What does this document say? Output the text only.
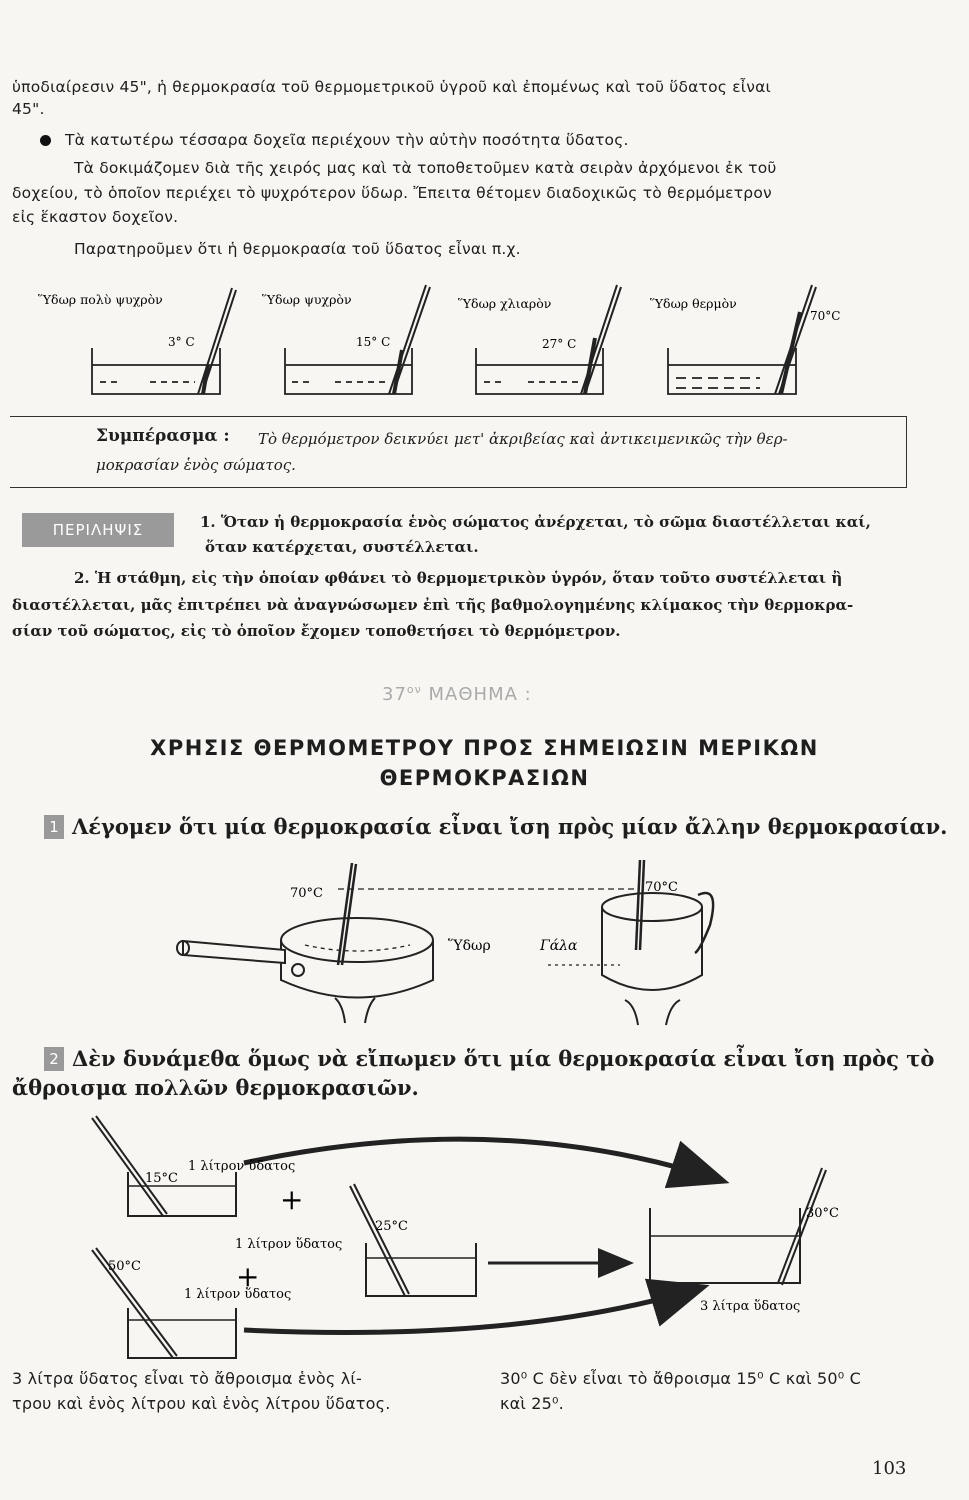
ὑποδιαίρεσιν 45", ἡ θερμοκρασία τοῦ θερμομετρικοῦ ὑγροῦ καὶ ἐπομένως καὶ τοῦ ὕδατος εἶναι
45".
Τὰ κατωτέρω τέσσαρα δοχεῖα περιέχουν τὴν αὐτὴν ποσότητα ὕδατος.
Τὰ δοκιμάζομεν διὰ τῆς χειρός μας καὶ τὰ τοποθετοῦμεν κατὰ σειρὰν ἀρχόμενοι ἐκ τοῦ
δοχείου, τὸ ὁποῖον περιέχει τὸ ψυχρότερον ὕδωρ. Ἔπειτα θέτομεν διαδοχικῶς τὸ θερμόμετρον
εἰς ἕκαστον δοχεῖον.
Παρατηροῦμεν ὅτι ἡ θερμοκρασία τοῦ ὕδατος εἶναι π.χ.
Ὕδωρ πολὺ ψυχρὸν
3° C
Ὕδωρ ψυχρὸν
15° C
Ὕδωρ χλιαρὸν
27° C
Ὕδωρ θερμὸν
70°C
Συμπέρασμα : Τὸ θερμόμετρον δεικνύει μετ' ἀκριβείας καὶ ἀντικειμενικῶς τὴν θερ-
μοκρασίαν ἑνὸς σώματος.
ΠΕΡΙΛΗΨΙΣ	1. Ὅταν ἡ θερμοκρασία ἑνὸς σώματος ἀνέρχεται, τὸ σῶμα διαστέλλεται καί,
ὅταν κατέρχεται, συστέλλεται.
2. Ἡ στάθμη, εἰς τὴν ὁποίαν φθάνει τὸ θερμομετρικὸν ὑγρόν, ὅταν τοῦτο συστέλλεται ἢ
διαστέλλεται, μᾶς ἐπιτρέπει νὰ ἀναγνώσωμεν ἐπὶ τῆς βαθμολογημένης κλίμακος τὴν θερμοκρα-
σίαν τοῦ σώματος, εἰς τὸ ὁποῖον ἔχομεν τοποθετήσει τὸ θερμόμετρον.
$37^{o\nu}$ ΜΑΘΗΜΑ :
ΧΡΗΣΙΣ ΘΕΡΜΟΜΕΤΡΟΥ ΠΡΟΣ ΣΗΜΕΙΩΣΙΝ ΜΕΡΙΚΩΝ
ΘΕΡΜΟΚΡΑΣΙΩΝ
1 Λέγομεν ὅτι μία θερμοκρασία εἶναι ἴση πρὸς μίαν ἄλλην θερμοκρασίαν.
70°C	70°C
Ὕδωρ	Γάλα
2 Δὲν δυνάμεθα ὅμως νὰ εἴπωμεν ὅτι μία θερμοκρασία εἶναι ἴση πρὸς τὸ
ἄθροισμα πολλῶν θερμοκρασιῶν.
15°C
1 λίτρον ὕδατος
+
25°C
1 λίτρον ὕδατος
+
50°C
1 λίτρον ὕδατος
30°C
3 λίτρα ὕδατος
3 λίτρα ὕδατος εἶναι τὸ ἄθροισμα ἑνὸς λί-
τρου καὶ ἑνὸς λίτρου καὶ ἑνὸς λίτρου ὕδατος.
30⁰ C δὲν εἶναι τὸ ἄθροισμα 15⁰ C καὶ 50⁰ C
καὶ 25⁰.
103
